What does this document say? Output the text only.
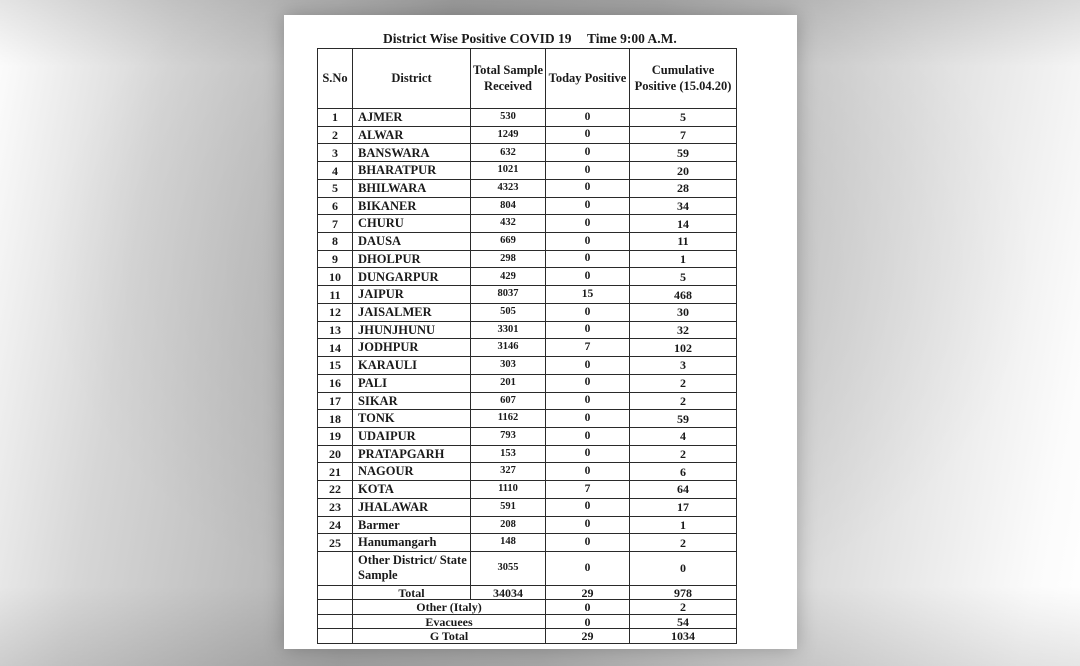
District Wise Positive COVID 19 Time 9:00 A.M.
S.No	District	Total Sample Received	Today Positive	Cumulative Positive (15.04.20)
1	AJMER	530	0	5
2	ALWAR	1249	0	7
3	BANSWARA	632	0	59
4	BHARATPUR	1021	0	20
5	BHILWARA	4323	0	28
6	BIKANER	804	0	34
7	CHURU	432	0	14
8	DAUSA	669	0	11
9	DHOLPUR	298	0	1
10	DUNGARPUR	429	0	5
11	JAIPUR	8037	15	468
12	JAISALMER	505	0	30
13	JHUNJHUNU	3301	0	32
14	JODHPUR	3146	7	102
15	KARAULI	303	0	3
16	PALI	201	0	2
17	SIKAR	607	0	2
18	TONK	1162	0	59
19	UDAIPUR	793	0	4
20	PRATAPGARH	153	0	2
21	NAGOUR	327	0	6
22	KOTA	1110	7	64
23	JHALAWAR	591	0	17
24	Barmer	208	0	1
25	Hanumangarh	148	0	2
	Other District/ State Sample	3055	0	0
	Total	34034	29	978
	Other (Italy)		0	2
	Evacuees		0	54
	G Total		29	1034
